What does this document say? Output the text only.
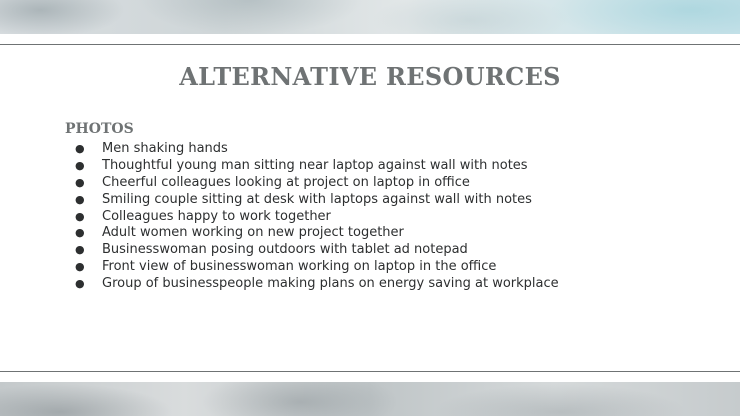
ALTERNATIVE RESOURCES
PHOTOS
● Men shaking hands
● Thoughtful young man sitting near laptop against wall with notes
● Cheerful colleagues looking at project on laptop in office
● Smiling couple sitting at desk with laptops against wall with notes
● Colleagues happy to work together
● Adult women working on new project together
● Businesswoman posing outdoors with tablet ad notepad
● Front view of businesswoman working on laptop in the office
● Group of businesspeople making plans on energy saving at workplace
